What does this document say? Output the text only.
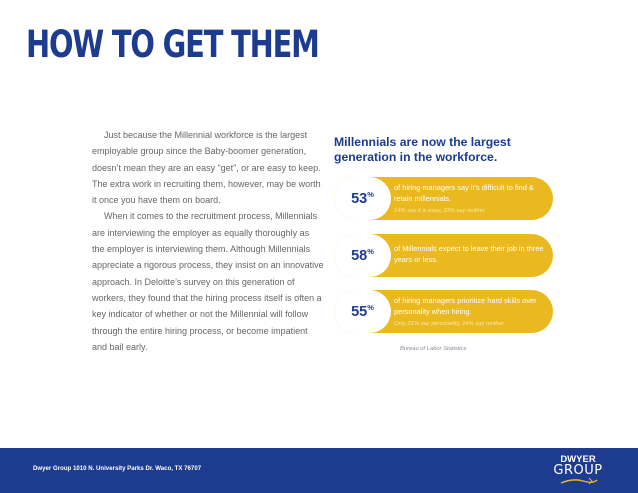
HOW TO GET THEM

Just because the Millennial workforce is the largest employable group since the Baby-boomer generation, doesn’t mean they are an easy “get”, or are easy to keep. The extra work in recruiting them, however, may be worth it once you have them on board.

When it comes to the recruitment process, Millennials are interviewing the employer as equally thoroughly as the employer is interviewing them. Although Millennials appreciate a rigorous process, they insist on an innovative approach. In Deloitte’s survey on this generation of workers, they found that the hiring process itself is often a key indicator of whether or not the Millennial will follow through the entire hiring process, or become impatient and bail early.

Millennials are now the largest generation in the workforce.
53%
of hiring managers say it’s difficult to find & retain millennials.
14% say it is easy, 33% say neither
58%	of Millennials expect to leave their job in three years or less.
55%
of hiring managers prioritize hard skills over personality when hiring.
Only 21% say personality, 24% say neither
Bureau of Labor Statistics
Dwyer Group 1010 N. University Parks Dr. Waco, TX 76707
DWYER
GROUP
